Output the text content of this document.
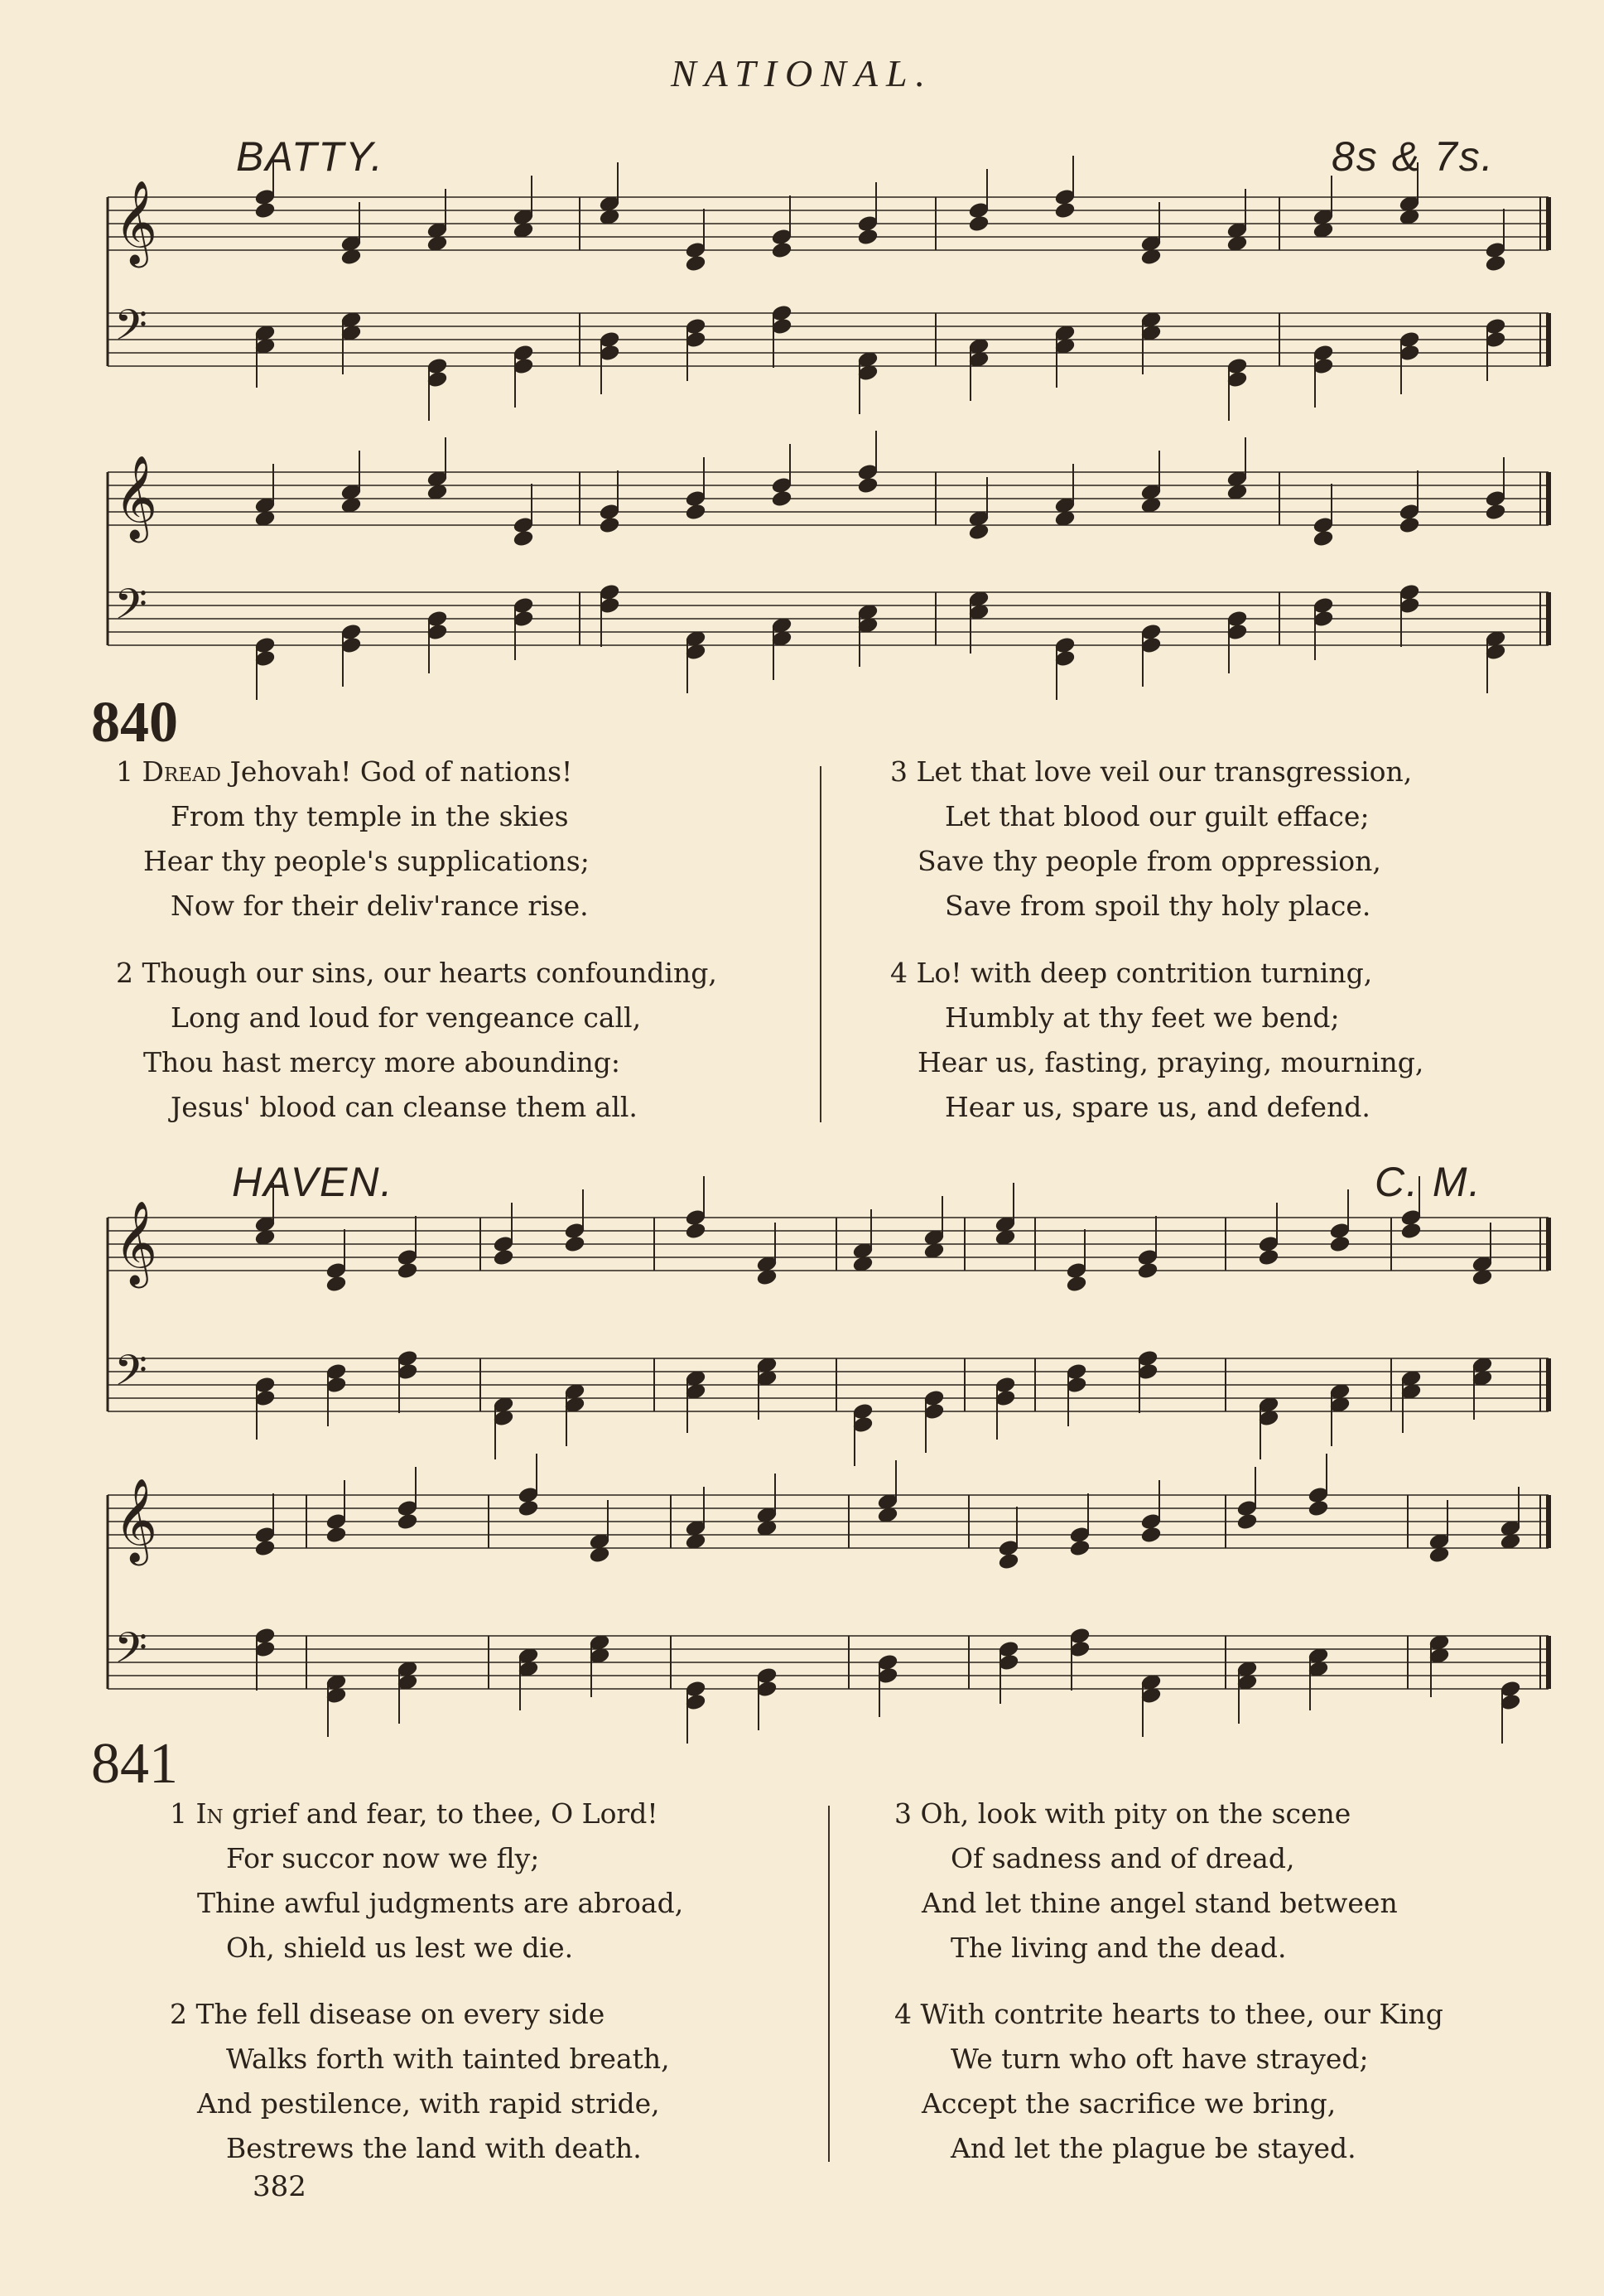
NATIONAL.
BATTY.	8s & 7s.
𝄞
𝄢
𝄞
𝄢
𝄞
𝄢
𝄞
𝄢
840
1 Dread Jehovah! God of nations!
From thy temple in the skies
Hear thy people's supplications;
Now for their deliv'rance rise.
2 Though our sins, our hearts confounding,
Long and loud for vengeance call,
Thou hast mercy more abounding:
Jesus' blood can cleanse them all.
3 Let that love veil our transgression,
Let that blood our guilt efface;
Save thy people from oppression,
Save from spoil thy holy place.
4 Lo! with deep contrition turning,
Humbly at thy feet we bend;
Hear us, fasting, praying, mourning,
Hear us, spare us, and defend.
HAVEN.	C. M.
841
1 In grief and fear, to thee, O Lord!
For succor now we fly;
Thine awful judgments are abroad,
Oh, shield us lest we die.
2 The fell disease on every side
Walks forth with tainted breath,
And pestilence, with rapid stride,
Bestrews the land with death.
3 Oh, look with pity on the scene
Of sadness and of dread,
And let thine angel stand between
The living and the dead.
4 With contrite hearts to thee, our King
We turn who oft have strayed;
Accept the sacrifice we bring,
And let the plague be stayed.
382
